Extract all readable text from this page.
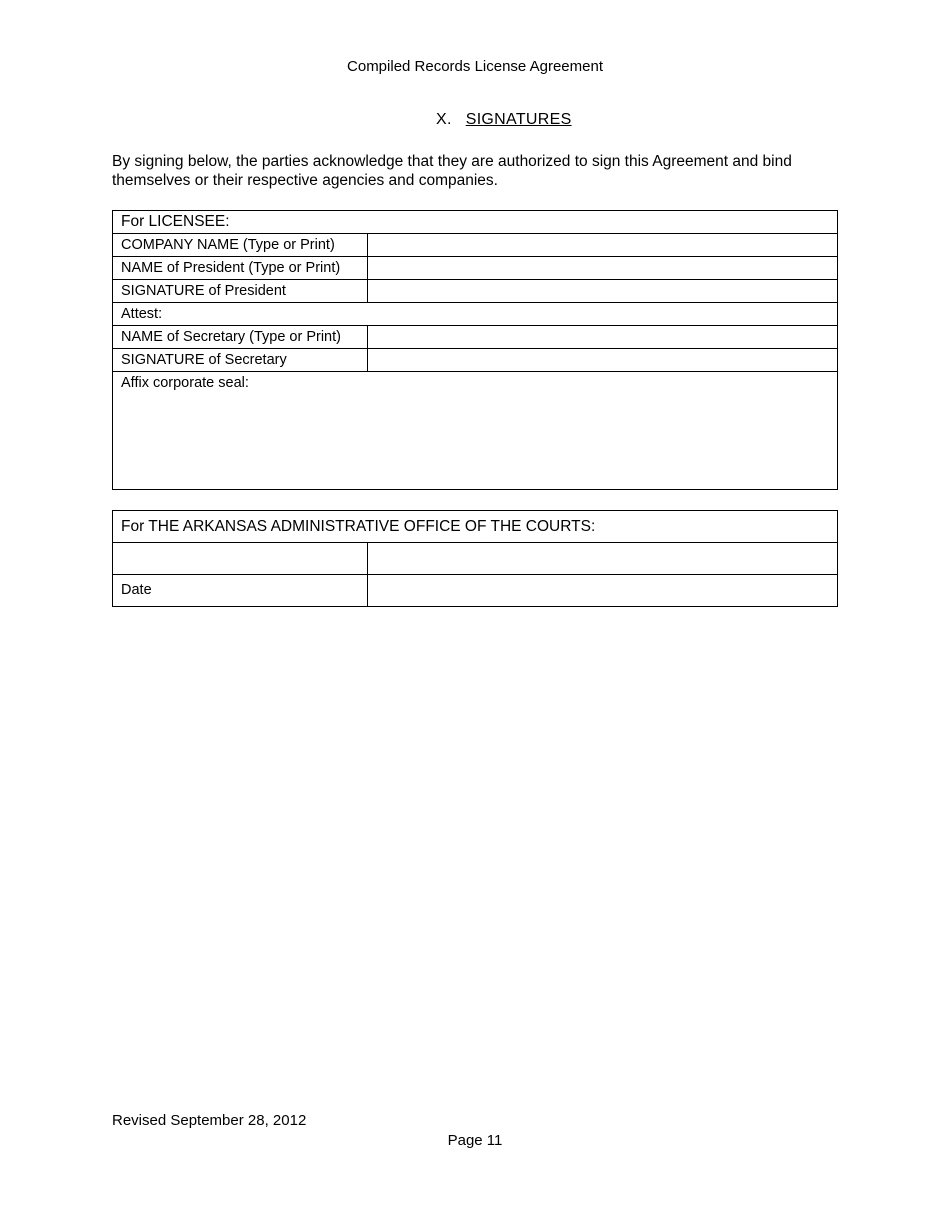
Compiled Records License Agreement
X. SIGNATURES
By signing below, the parties acknowledge that they are authorized to sign this Agreement and bind themselves or their respective agencies and companies.
For LICENSEE:	
COMPANY NAME (Type or Print)	
NAME of President (Type or Print)	
SIGNATURE of President	
Attest:	
NAME of Secretary (Type or Print)	
SIGNATURE of Secretary	
Affix corporate seal:	
For THE ARKANSAS ADMINISTRATIVE OFFICE OF THE COURTS:	

Date	
Revised September 28, 2012
Page 11
